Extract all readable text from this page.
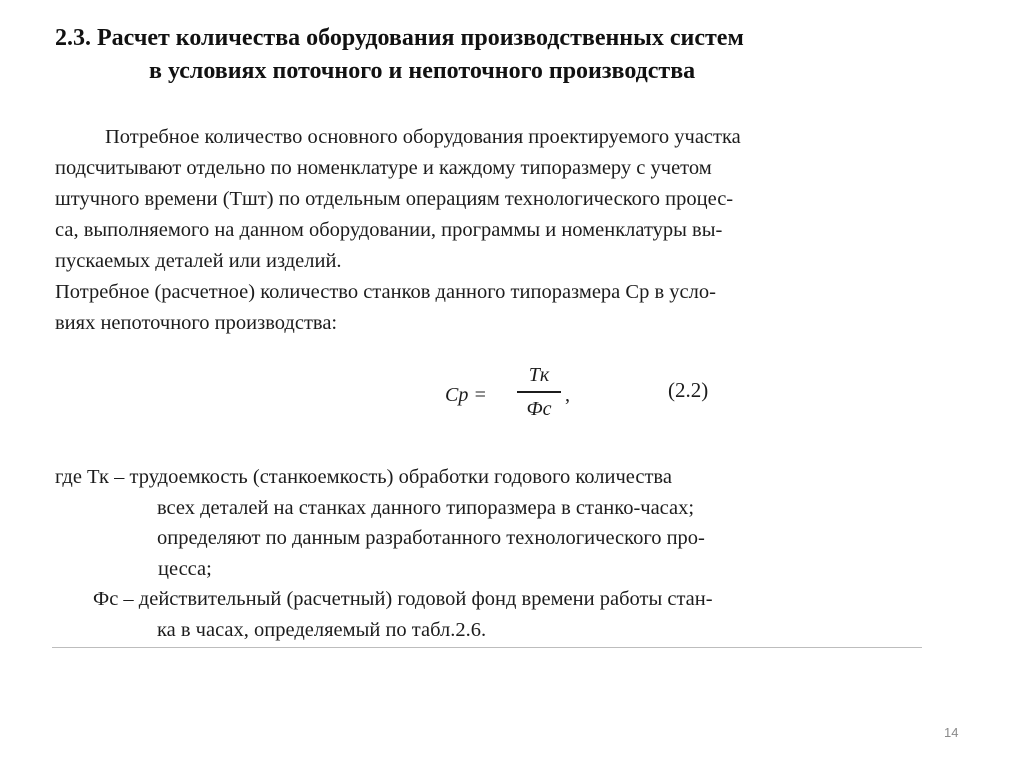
2.3. Расчет количества оборудования производственных систем
в условиях поточного и непоточного производства
Потребное количество основного оборудования проектируемого участка
подсчитывают отдельно по номенклатуре и каждому типоразмеру с учетом
штучного времени (Тшт) по отдельным операциям технологического процес-
са, выполняемого на данном оборудовании, программы и номенклатуры вы-
пускаемых деталей или изделий.
Потребное (расчетное) количество станков данного типоразмера Ср в усло-
виях непоточного производства:
Cр =
Tк
Фс
,	(2.2)
где Тк – трудоемкость (станкоемкость) обработки годового количества
всех деталей на станках данного типоразмера в станко-часах;
определяют по данным разработанного технологического про-
цесса;
Фс – действительный (расчетный) годовой фонд времени работы стан-
ка в часах, определяемый по табл.2.6.
14
